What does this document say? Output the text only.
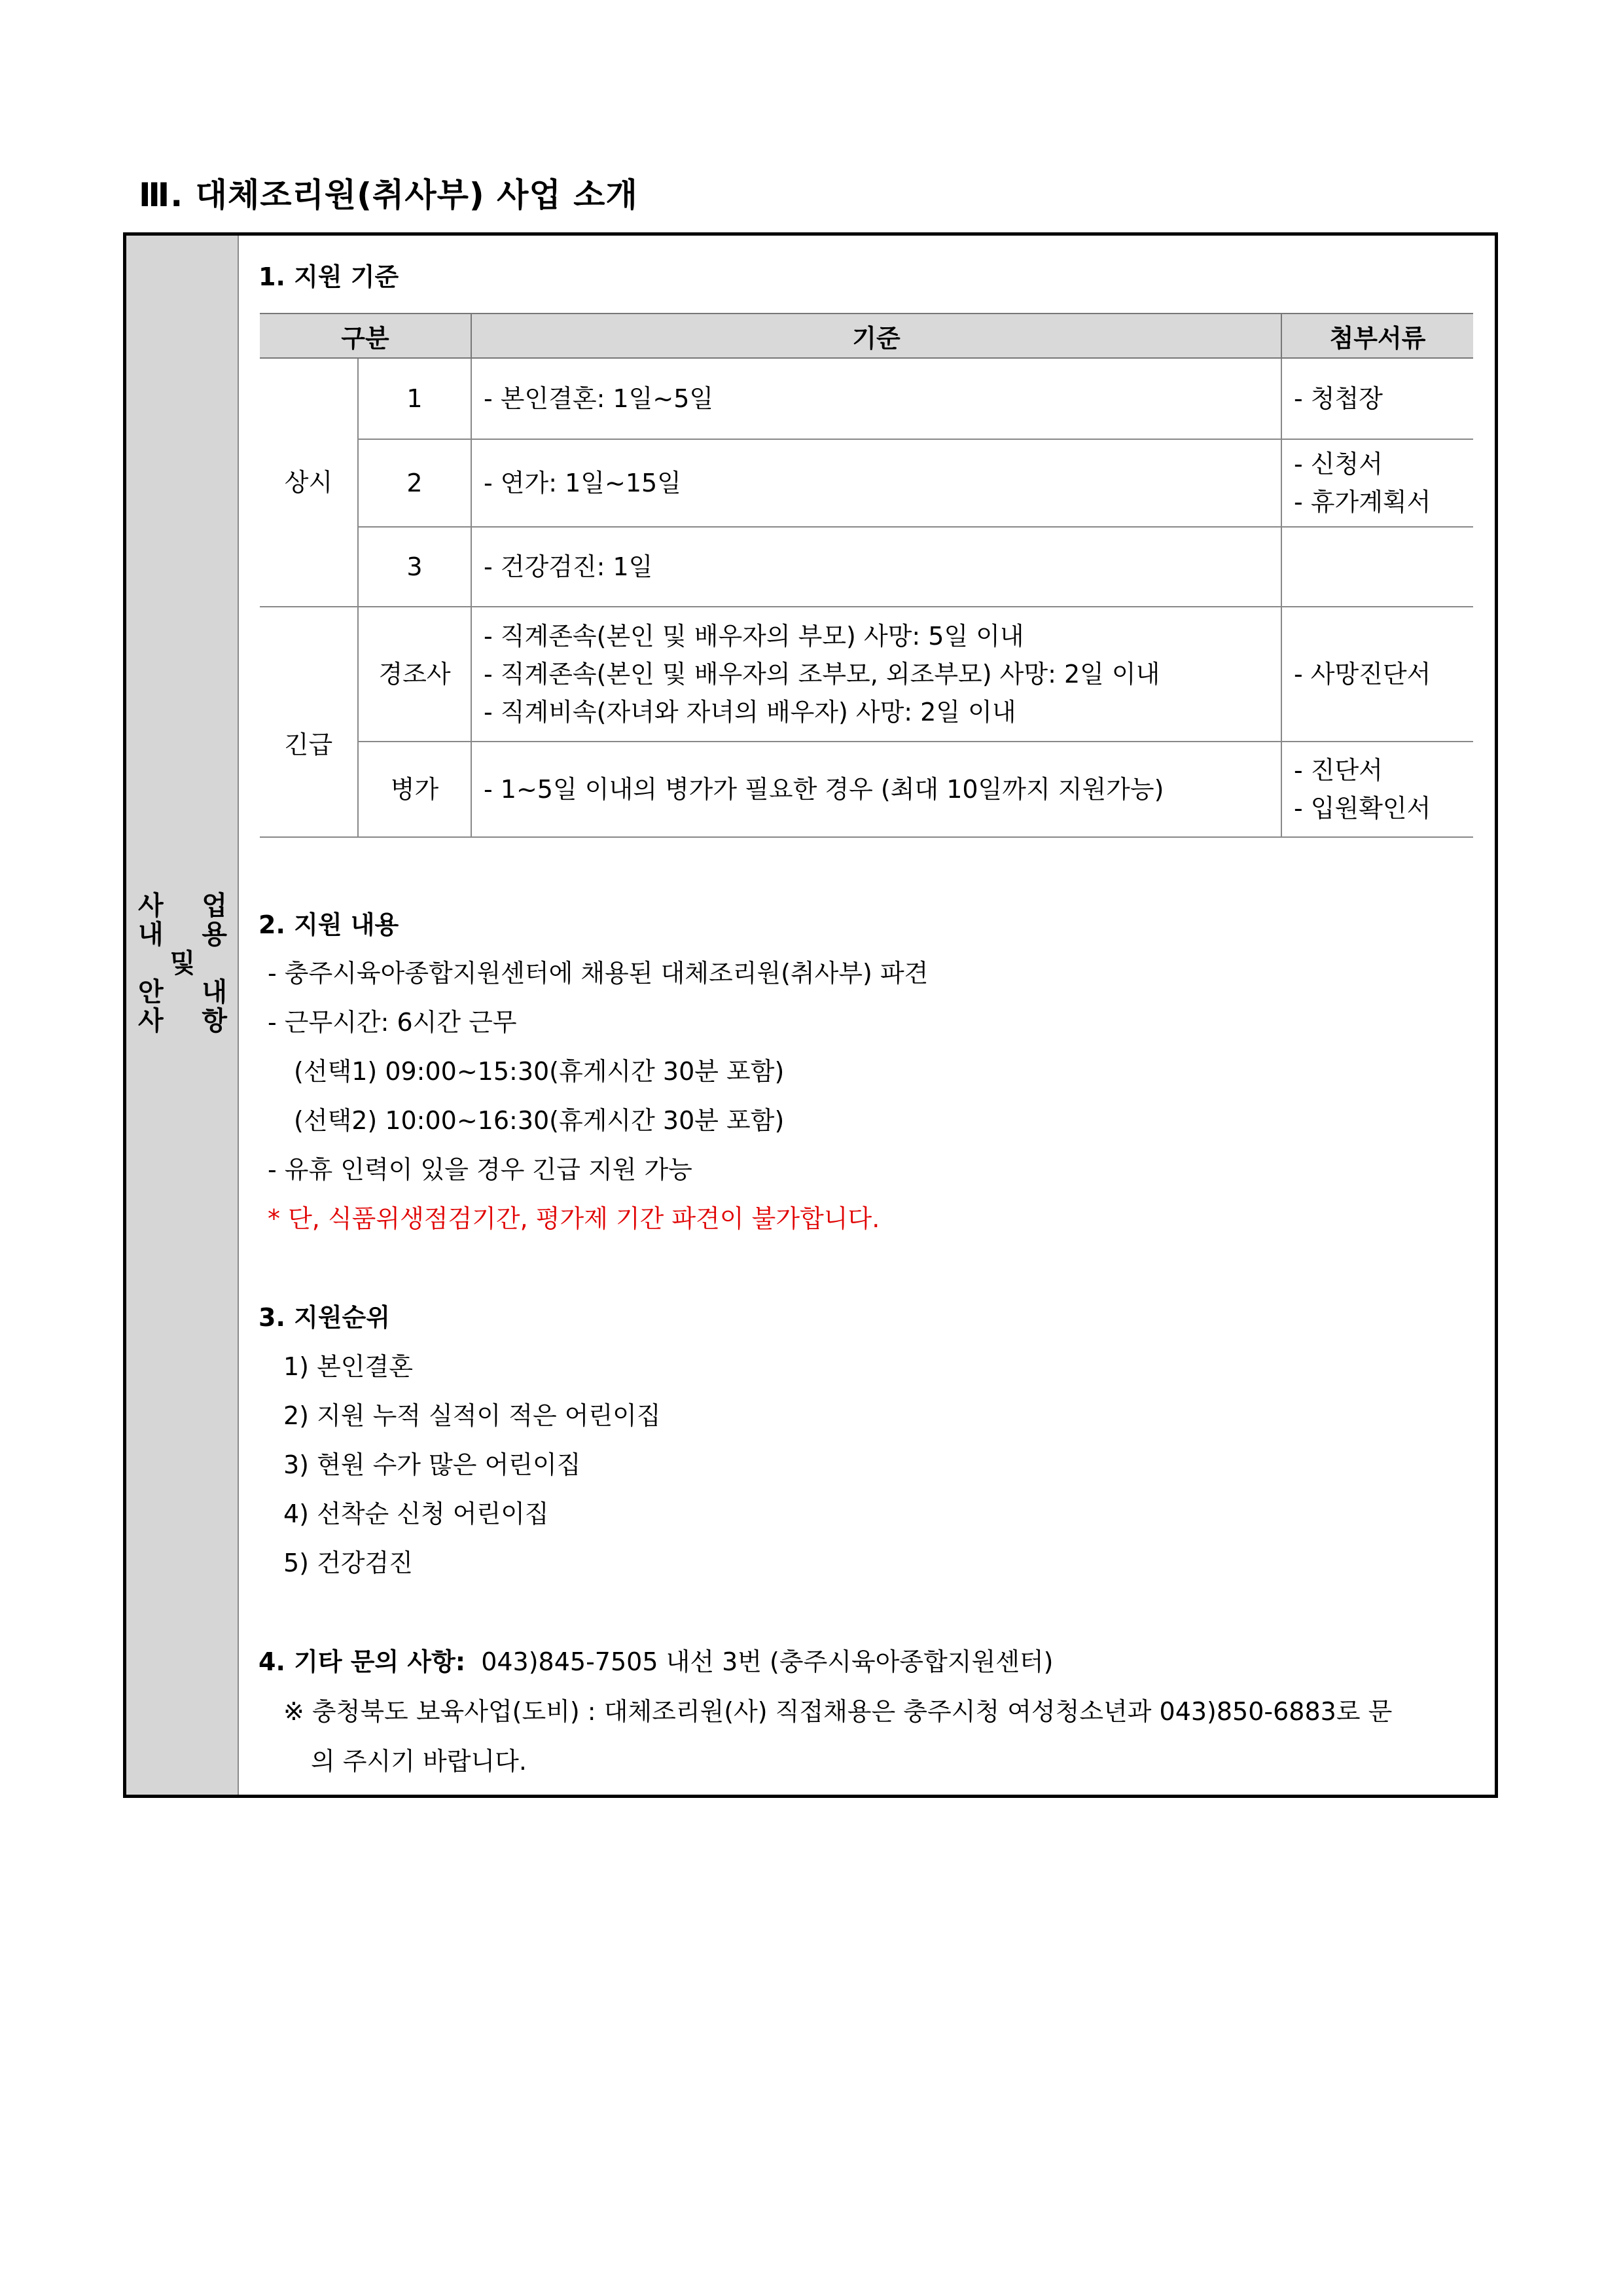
Ⅲ. 대체조리원(취사부) 사업 소개
사 업
내 용
및
안 내
사 항
1. 지원 기준
구분		기준	첨부서류
상시	1	- 본인결혼: 1일~5일	- 청첩장

	2	- 연가: 1일~15일	- 신청서
- 휴가계획서

	3	- 건강검진: 1일	

긴급	경조사	- 직계존속(본인 및 배우자의 부모) 사망: 5일 이내
- 직계존속(본인 및 배우자의 조부모, 외조부모) 사망: 2일 이내
- 직계비속(자녀와 자녀의 배우자) 사망: 2일 이내	- 사망진단서

	병가	- 1~5일 이내의 병가가 필요한 경우 (최대 10일까지 지원가능)	- 진단서
- 입원확인서
2. 지원 내용
- 충주시육아종합지원센터에 채용된 대체조리원(취사부) 파견
- 근무시간: 6시간 근무
(선택1) 09:00~15:30(휴게시간 30분 포함)
(선택2) 10:00~16:30(휴게시간 30분 포함)
- 유휴 인력이 있을 경우 긴급 지원 가능
* 단, 식품위생점검기간, 평가제 기간 파견이 불가합니다.
3. 지원순위
1) 본인결혼
2) 지원 누적 실적이 적은 어린이집
3) 현원 수가 많은 어린이집
4) 선착순 신청 어린이집
5) 건강검진
4. 기타 문의 사항: 043)845-7505 내선 3번 (충주시육아종합지원센터)
※ 충청북도 보육사업(도비) : 대체조리원(사) 직접채용은 충주시청 여성청소년과 043)850-6883로 문
의 주시기 바랍니다.
